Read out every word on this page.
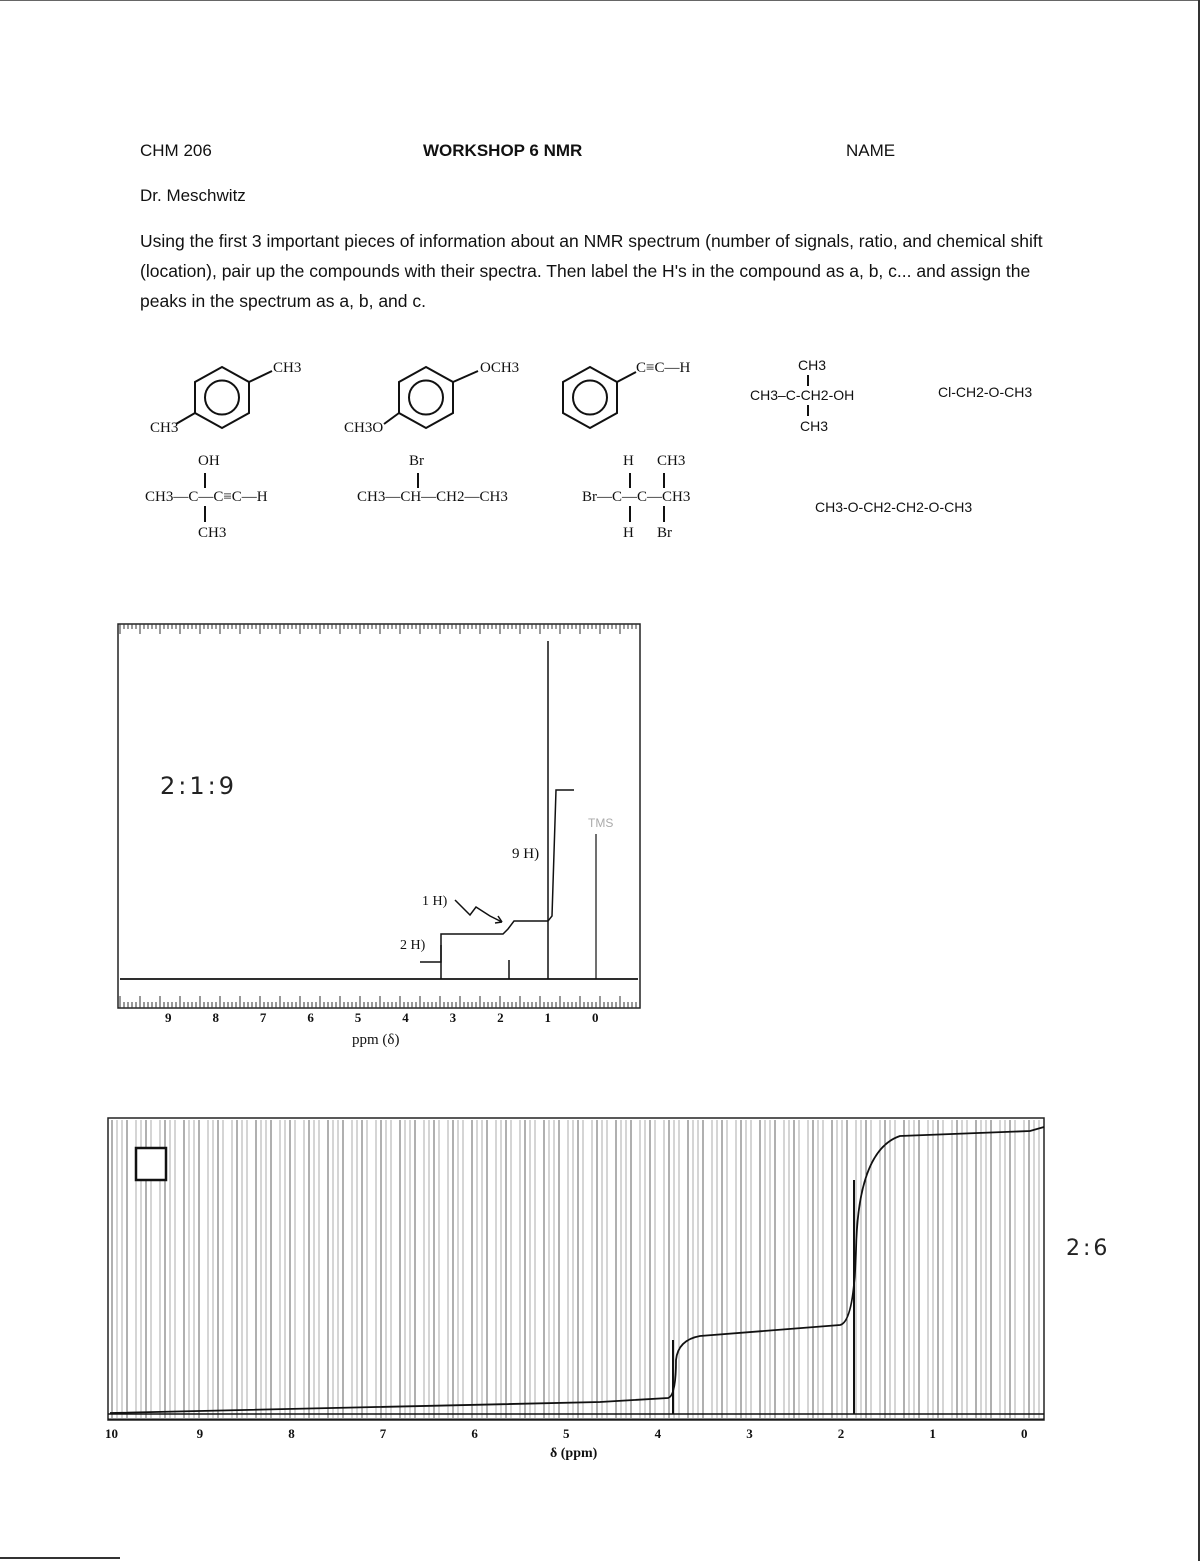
CHM 206	WORKSHOP 6 NMR	NAME
Dr. Meschwitz
Using the first 3 important pieces of information about an NMR spectrum (number of signals, ratio, and chemical shift (location), pair up the compounds with their spectra. Then label the H's in the compound as a, b, c... and assign the peaks in the spectrum as a, b, and c.
CH3
CH3
OCH3
CH3O
C≡C—H	CH3
CH3–C-CH2-OH
CH3
Cl-CH2-O-CH3
OH
CH3—C—C≡C—H
CH3
Br
CH3—CH—CH2—CH3
H CH3
Br—C—C—CH3
H Br
CH3-O-CH2-CH2-O-CH3
2:1:9
9 H)
1 H)
2 H)
TMS
9	8	7	6	5	4	3	2	1	0
ppm (δ)
2:6
10	9	8	7	6	5	4	3	2	1	0
δ (ppm)
